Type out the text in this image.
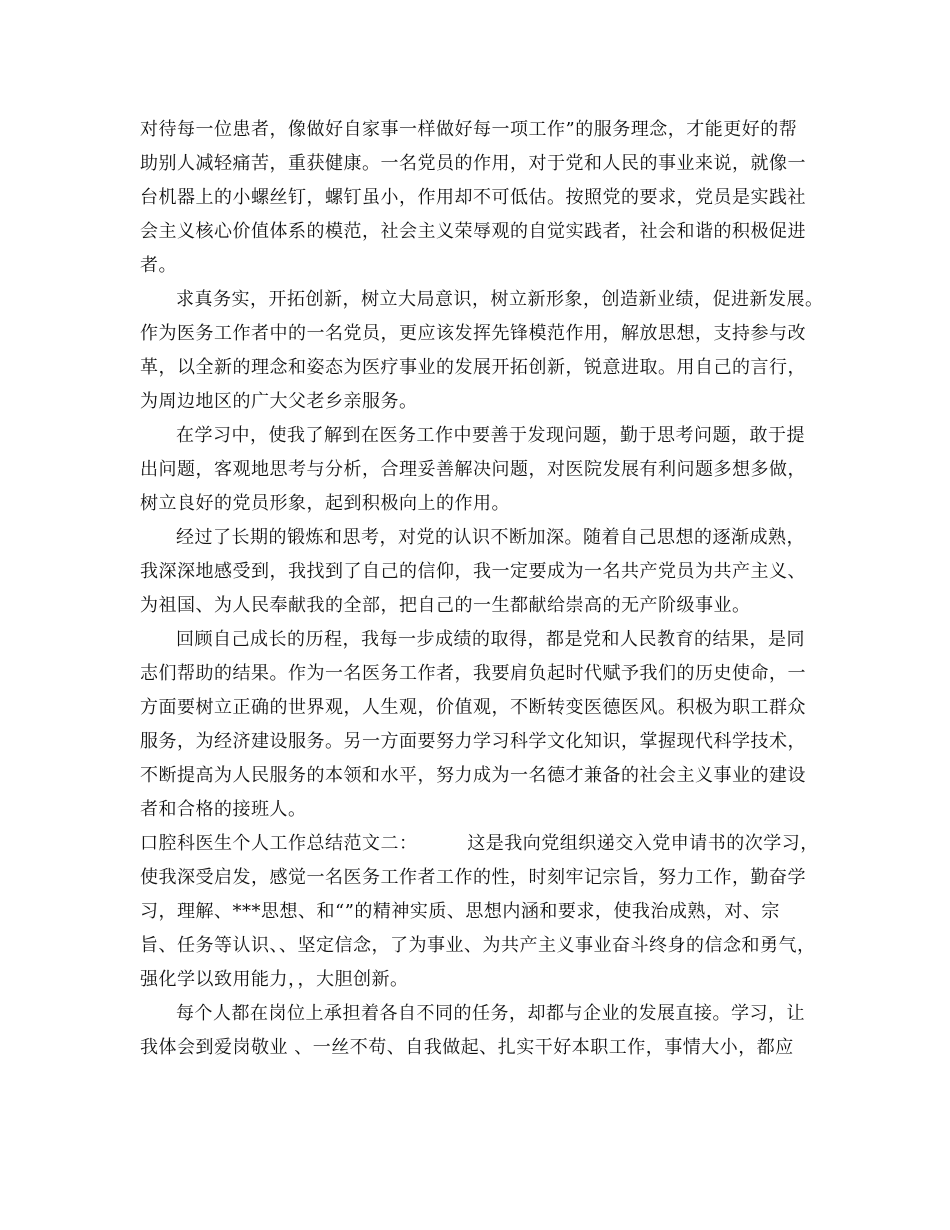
对待每一位患者，像做好自家事一样做好每一项工作”的服务理念，才能更好的帮
助别人减轻痛苦，重获健康。一名党员的作用，对于党和人民的事业来说，就像一
台机器上的小螺丝钉，螺钉虽小，作用却不可低估。按照党的要求，党员是实践社
会主义核心价值体系的模范，社会主义荣辱观的自觉实践者，社会和谐的积极促进
者。
求真务实，开拓创新，树立大局意识，树立新形象，创造新业绩，促进新发展。
作为医务工作者中的一名党员，更应该发挥先锋模范作用，解放思想，支持参与改
革，以全新的理念和姿态为医疗事业的发展开拓创新，锐意进取。用自己的言行，
为周边地区的广大父老乡亲服务。
在学习中，使我了解到在医务工作中要善于发现问题，勤于思考问题，敢于提
出问题，客观地思考与分析，合理妥善解决问题，对医院发展有利问题多想多做，
树立良好的党员形象，起到积极向上的作用。
经过了长期的锻炼和思考，对党的认识不断加深。随着自己思想的逐渐成熟，
我深深地感受到，我找到了自己的信仰，我一定要成为一名共产党员为共产主义、
为祖国、为人民奉献我的全部，把自己的一生都献给崇高的无产阶级事业。
回顾自己成长的历程，我每一步成绩的取得，都是党和人民教育的结果，是同
志们帮助的结果。作为一名医务工作者，我要肩负起时代赋予我们的历史使命，一
方面要树立正确的世界观，人生观，价值观，不断转变医德医风。积极为职工群众
服务，为经济建设服务。另一方面要努力学习科学文化知识，掌握现代科学技术，
不断提高为人民服务的本领和水平，努力成为一名德才兼备的社会主义事业的建设
者和合格的接班人。
口腔科医生个人工作总结范文二：        这是我向党组织递交入党申请书的次学习，
使我深受启发，感觉一名医务工作者工作的性，时刻牢记宗旨，努力工作，勤奋学
习，理解、***思想、和“”的精神实质、思想内涵和要求，使我治成熟，对、宗
旨、任务等认识、、坚定信念，了为事业、为共产主义事业奋斗终身的信念和勇气，
强化学以致用能力，，大胆创新。
每个人都在岗位上承担着各自不同的任务，却都与企业的发展直接。学习，让
我体会到爱岗敬业 、一丝不苟、自我做起、扎实干好本职工作，事情大小，都应
